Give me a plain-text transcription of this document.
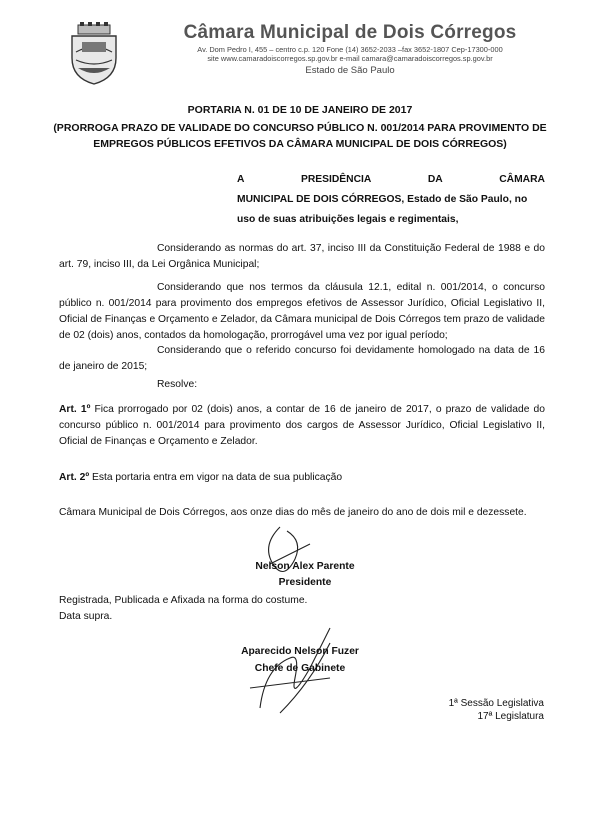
Câmara Municipal de Dois Córregos
Av. Dom Pedro I, 455 – centro c.p. 120 Fone (14) 3652-2033 –fax 3652-1807 Cep-17300-000
site www.camaradoiscorregos.sp.gov.br e-mail camara@camaradoiscorregos.sp.gov.br
Estado de São Paulo
PORTARIA N. 01 DE 10 DE JANEIRO DE 2017
(PRORROGA PRAZO DE VALIDADE DO CONCURSO PÚBLICO N. 001/2014 PARA PROVIMENTO DE
EMPREGOS PÚBLICOS EFETIVOS DA CÂMARA MUNICIPAL DE DOIS CÓRREGOS)
A	PRESIDÊNCIA	DA	CÂMARA
MUNICIPAL DE DOIS CÓRREGOS, Estado de São Paulo, no
uso de suas atribuições legais e regimentais,
Considerando as normas do art. 37, inciso III da Constituição Federal de 1988 e do art. 79, inciso III, da Lei Orgânica Municipal;
Considerando que nos termos da cláusula 12.1, edital n. 001/2014, o concurso público n. 001/2014 para provimento dos empregos efetivos de Assessor Jurídico, Oficial Legislativo II, Oficial de Finanças e Orçamento e Zelador, da Câmara municipal de Dois Córregos tem prazo de validade de 02 (dois) anos, contados da homologação, prorrogável uma vez por igual período;
Considerando que o referido concurso foi devidamente homologado na data de 16 de janeiro de 2015;
Resolve:
Art. 1º Fica prorrogado por 02 (dois) anos, a contar de 16 de janeiro de 2017, o prazo de validade do concurso público n. 001/2014 para provimento dos cargos de Assessor Jurídico, Oficial Legislativo II, Oficial de Finanças e Orçamento e Zelador.
Art. 2º Esta portaria entra em vigor na data de sua publicação
Câmara Municipal de Dois Córregos, aos onze dias do mês de janeiro do ano de dois mil e dezessete.
Nelson Alex Parente
Presidente
Registrada, Publicada e Afixada na forma do costume.
Data supra.
Aparecido Nelson Fuzer
Chefe de Gabinete
1ª Sessão Legislativa
17ª Legislatura
